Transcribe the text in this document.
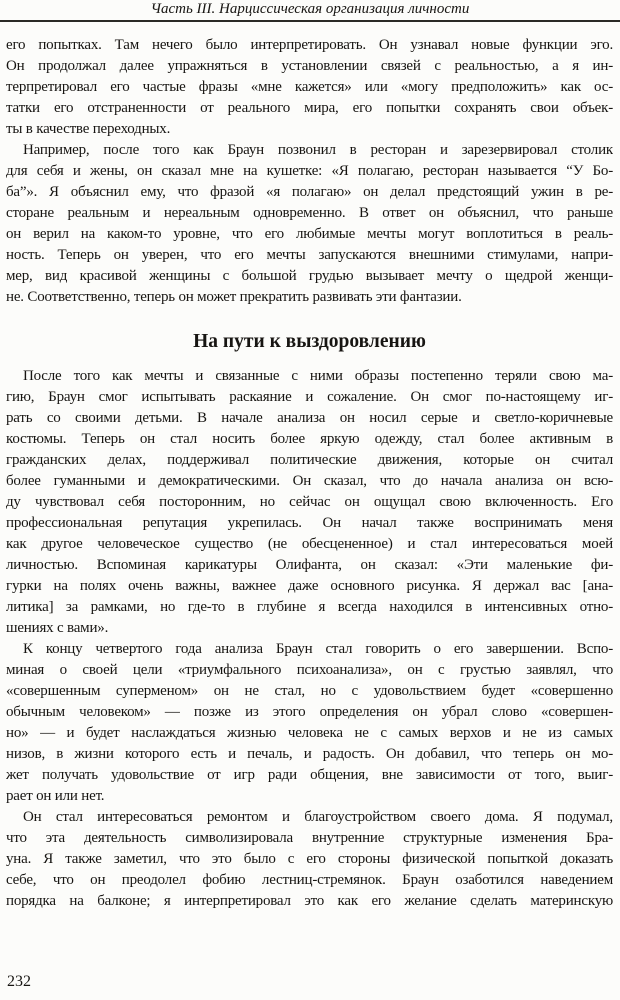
Часть III. Нарциссическая организация личности
его попытках. Там нечего было интерпретировать. Он узнавал новые функции эго.
Он продолжал далее упражняться в установлении связей с реальностью, а я ин-
терпретировал его частые фразы «мне кажется» или «могу предположить» как ос-
татки его отстраненности от реального мира, его попытки сохранять свои объек-
ты в качестве переходных.
Например, после того как Браун позвонил в ресторан и зарезервировал столик
для себя и жены, он сказал мне на кушетке: «Я полагаю, ресторан называется “У Бо-
ба”». Я объяснил ему, что фразой «я полагаю» он делал предстоящий ужин в ре-
сторане реальным и нереальным одновременно. В ответ он объяснил, что раньше
он верил на каком-то уровне, что его любимые мечты могут воплотиться в реаль-
ность. Теперь он уверен, что его мечты запускаются внешними стимулами, напри-
мер, вид красивой женщины с большой грудью вызывает мечту о щедрой женщи-
не. Соответственно, теперь он может прекратить развивать эти фантазии.
На пути к выздоровлению
После того как мечты и связанные с ними образы постепенно теряли свою ма-
гию, Браун смог испытывать раскаяние и сожаление. Он смог по-настоящему иг-
рать со своими детьми. В начале анализа он носил серые и светло-коричневые
костюмы. Теперь он стал носить более яркую одежду, стал более активным в
гражданских делах, поддерживал политические движения, которые он считал
более гуманными и демократическими. Он сказал, что до начала анализа он всю-
ду чувствовал себя посторонним, но сейчас он ощущал свою включенность. Его
профессиональная репутация укрепилась. Он начал также воспринимать меня
как другое человеческое существо (не обесцененное) и стал интересоваться моей
личностью. Вспоминая карикатуры Олифанта, он сказал: «Эти маленькие фи-
гурки на полях очень важны, важнее даже основного рисунка. Я держал вас [ана-
литика] за рамками, но где-то в глубине я всегда находился в интенсивных отно-
шениях с вами».
К концу четвертого года анализа Браун стал говорить о его завершении. Вспо-
миная о своей цели «триумфального психоанализа», он с грустью заявлял, что
«совершенным суперменом» он не стал, но с удовольствием будет «совершенно
обычным человеком» — позже из этого определения он убрал слово «совершен-
но» — и будет наслаждаться жизнью человека не с самых верхов и не из самых
низов, в жизни которого есть и печаль, и радость. Он добавил, что теперь он мо-
жет получать удовольствие от игр ради общения, вне зависимости от того, выиг-
рает он или нет.
Он стал интересоваться ремонтом и благоустройством своего дома. Я подумал,
что эта деятельность символизировала внутренние структурные изменения Бра-
уна. Я также заметил, что это было с его стороны физической попыткой доказать
себе, что он преодолел фобию лестниц-стремянок. Браун озаботился наведением
порядка на балконе; я интерпретировал это как его желание сделать материнскую
232
